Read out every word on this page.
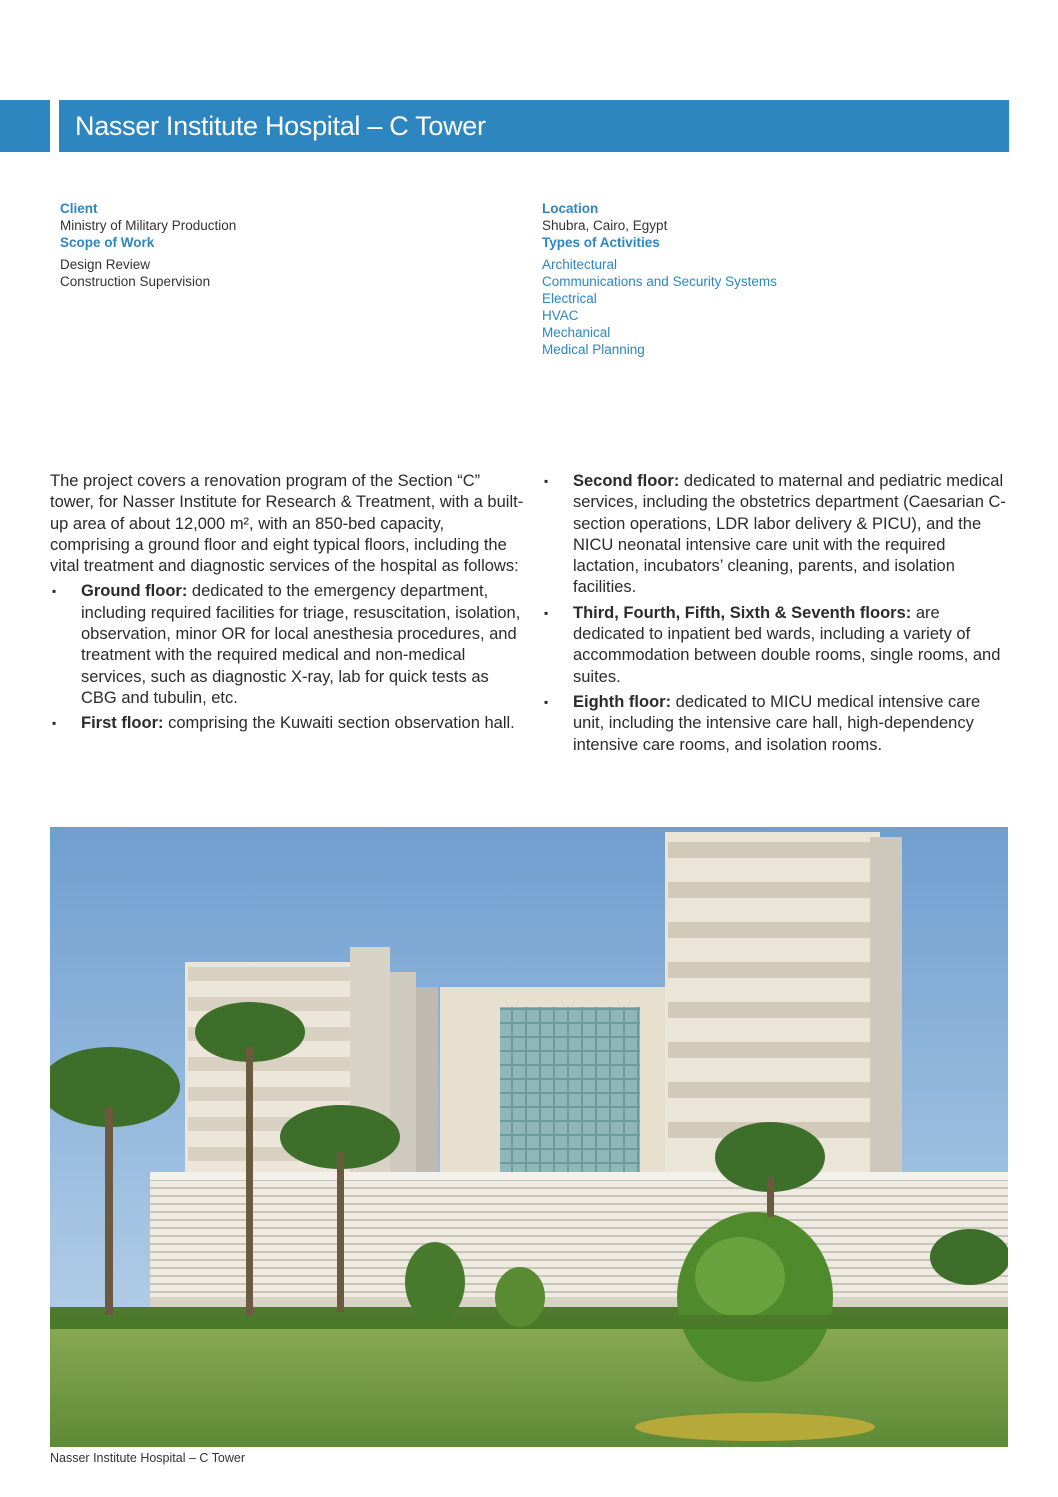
Nasser Institute Hospital – C Tower
Client
Ministry of Military Production
Scope of Work
Design Review
Construction Supervision
Location
Shubra, Cairo, Egypt
Types of Activities
Architectural
Communications and Security Systems
Electrical
HVAC
Mechanical
Medical Planning

The project covers a renovation program of the Section “C” tower, for Nasser Institute for Research & Treatment, with a built-up area of about 12,000 m², with an 850-bed capacity, comprising a ground floor and eight typical floors, including the vital treatment and diagnostic services of the hospital as follows:

▪ Ground floor: dedicated to the emergency department, including required facilities for triage, resuscitation, isolation, observation, minor OR for local anesthesia procedures, and treatment with the required medical and non-medical services, such as diagnostic X-ray, lab for quick tests as CBG and tubulin, etc.
▪ First floor: comprising the Kuwaiti section observation hall.
▪ Second floor: dedicated to maternal and pediatric medical services, including the obstetrics department (Caesarian C-section operations, LDR labor delivery & PICU), and the NICU neonatal intensive care unit with the required lactation, incubators’ cleaning, parents, and isolation facilities.
▪ Third, Fourth, Fifth, Sixth & Seventh floors: are dedicated to inpatient bed wards, including a variety of accommodation between double rooms, single rooms, and suites.
▪ Eighth floor: dedicated to MICU medical intensive care unit, including the intensive care hall, high-dependency intensive care rooms, and isolation rooms.
Nasser Institute Hospital – C Tower
